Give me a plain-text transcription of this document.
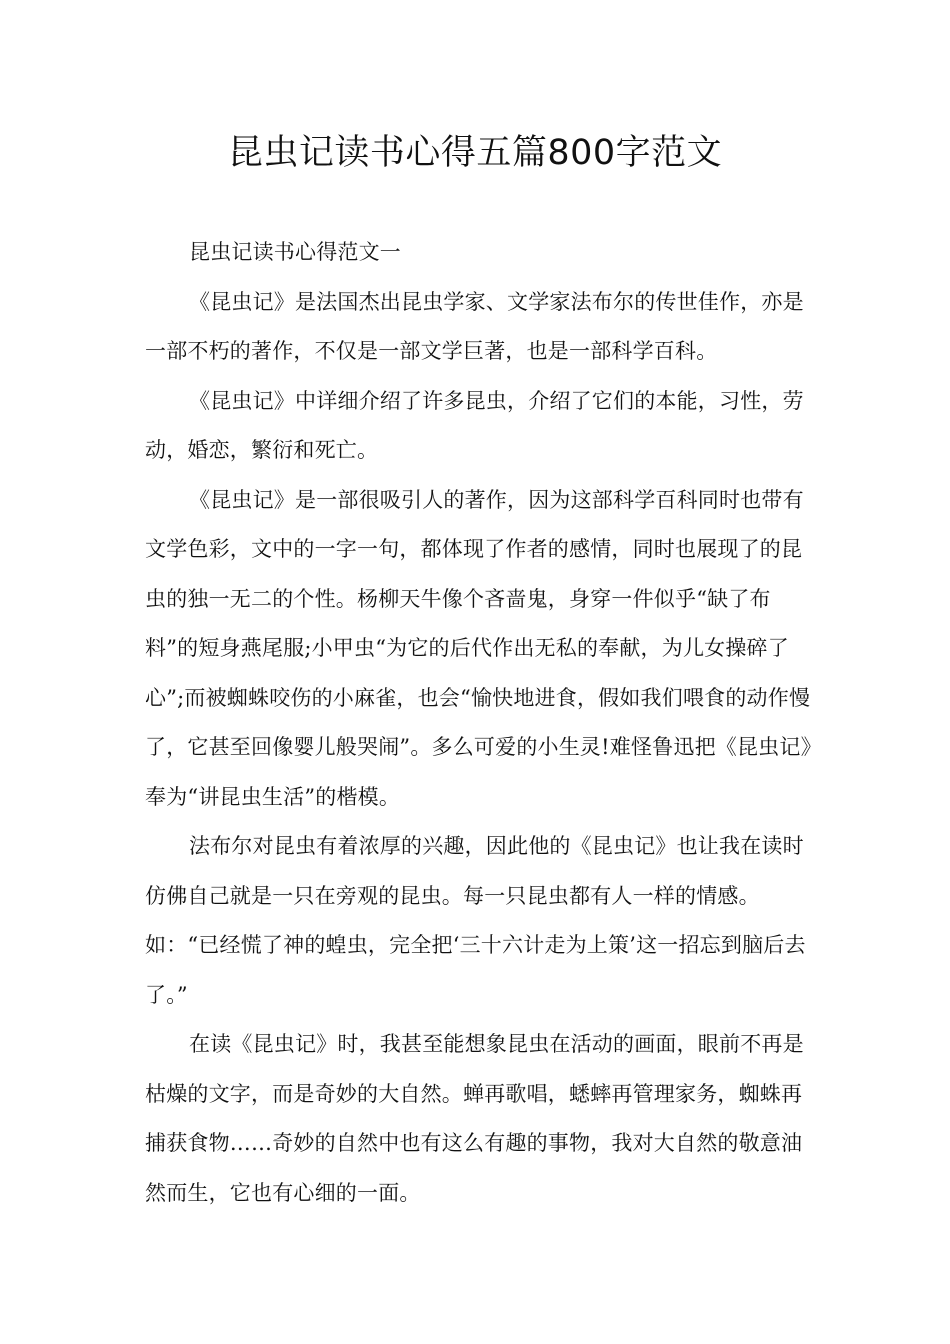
昆虫记读书心得五篇800字范文
昆虫记读书心得范文一

《昆虫记》是法国杰出昆虫学家、文学家法布尔的传世佳作，亦是一部不朽的著作，不仅是一部文学巨著，也是一部科学百科。

《昆虫记》中详细介绍了许多昆虫，介绍了它们的本能，习性，劳动，婚恋，繁衍和死亡。

《昆虫记》是一部很吸引人的著作，因为这部科学百科同时也带有文学色彩，文中的一字一句，都体现了作者的感情，同时也展现了的昆虫的独一无二的个性。杨柳天牛像个吝啬鬼，身穿一件似乎“缺了布料”的短身燕尾服;小甲虫“为它的后代作出无私的奉献，为儿女操碎了心”;而被蜘蛛咬伤的小麻雀，也会“愉快地进食，假如我们喂食的动作慢了，它甚至回像婴儿般哭闹”。多么可爱的小生灵!难怪鲁迅把《昆虫记》奉为“讲昆虫生活”的楷模。

法布尔对昆虫有着浓厚的兴趣，因此他的《昆虫记》也让我在读时仿佛自己就是一只在旁观的昆虫。每一只昆虫都有人一样的情感。如：“已经慌了神的蝗虫，完全把‘三十六计走为上策’这一招忘到脑后去了。”

在读《昆虫记》时，我甚至能想象昆虫在活动的画面，眼前不再是枯燥的文字，而是奇妙的大自然。蝉再歌唱，蟋蟀再管理家务，蜘蛛再捕获食物……奇妙的自然中也有这么有趣的事物，我对大自然的敬意油然而生，它也有心细的一面。
